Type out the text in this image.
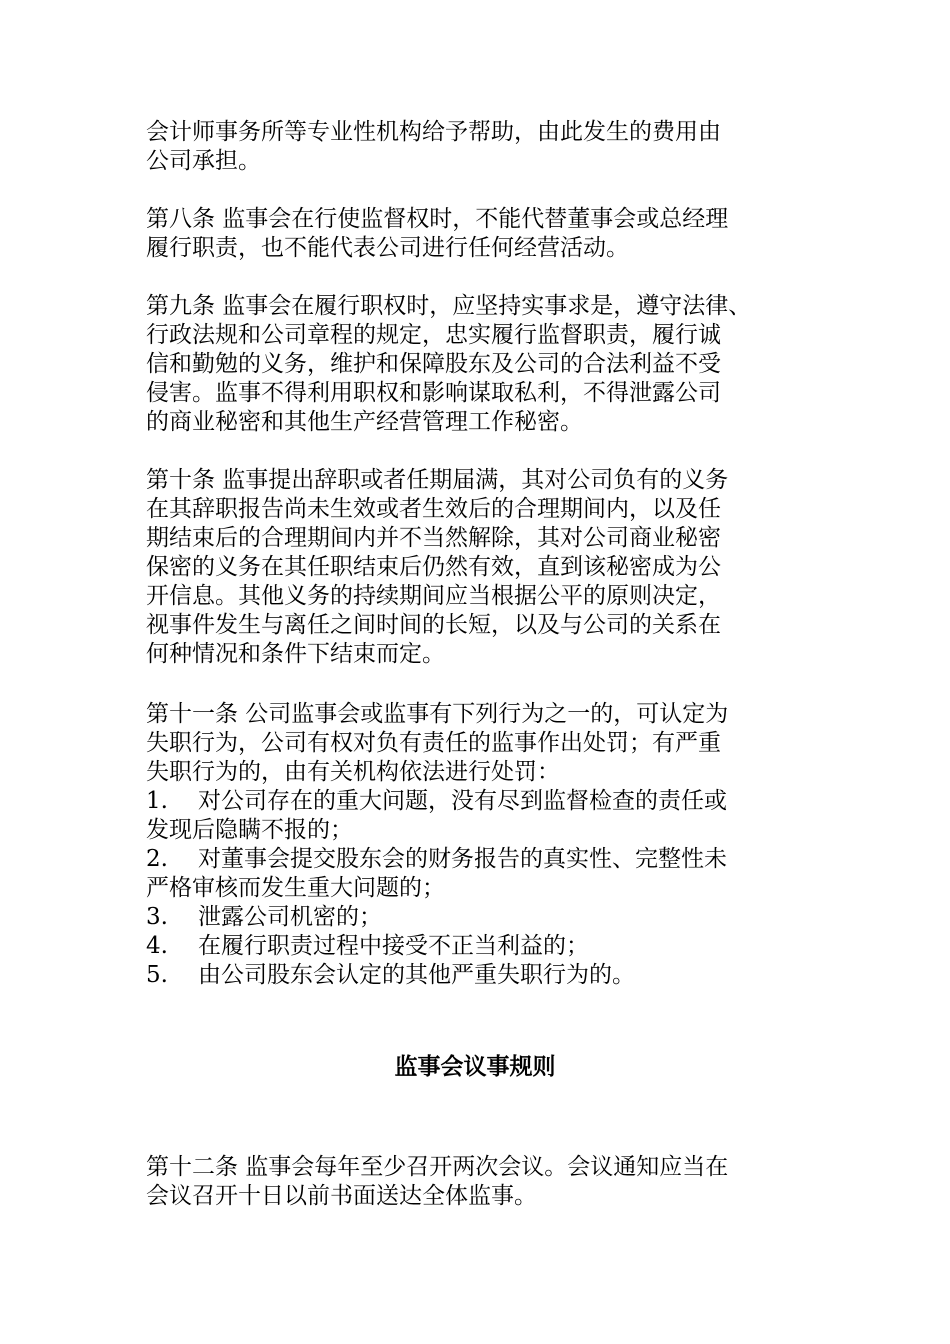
会计师事务所等专业性机构给予帮助，由此发生的费用由
公司承担。

第八条 监事会在行使监督权时，不能代替董事会或总经理
履行职责，也不能代表公司进行任何经营活动。

第九条 监事会在履行职权时，应坚持实事求是，遵守法律、
行政法规和公司章程的规定，忠实履行监督职责，履行诚
信和勤勉的义务，维护和保障股东及公司的合法利益不受
侵害。监事不得利用职权和影响谋取私利，不得泄露公司
的商业秘密和其他生产经营管理工作秘密。

第十条 监事提出辞职或者任期届满，其对公司负有的义务
在其辞职报告尚未生效或者生效后的合理期间内，以及任
期结束后的合理期间内并不当然解除，其对公司商业秘密
保密的义务在其任职结束后仍然有效，直到该秘密成为公
开信息。其他义务的持续期间应当根据公平的原则决定，
视事件发生与离任之间时间的长短，以及与公司的关系在
何种情况和条件下结束而定。

第十一条 公司监事会或监事有下列行为之一的，可认定为
失职行为，公司有权对负有责任的监事作出处罚；有严重
失职行为的，由有关机构依法进行处罚：
1. 对公司存在的重大问题，没有尽到监督检查的责任或
发现后隐瞒不报的；
2. 对董事会提交股东会的财务报告的真实性、完整性未
严格审核而发生重大问题的；
3. 泄露公司机密的；
4. 在履行职责过程中接受不正当利益的；
5. 由公司股东会认定的其他严重失职行为的。
监事会议事规则

第十二条 监事会每年至少召开两次会议。会议通知应当在
会议召开十日以前书面送达全体监事。
